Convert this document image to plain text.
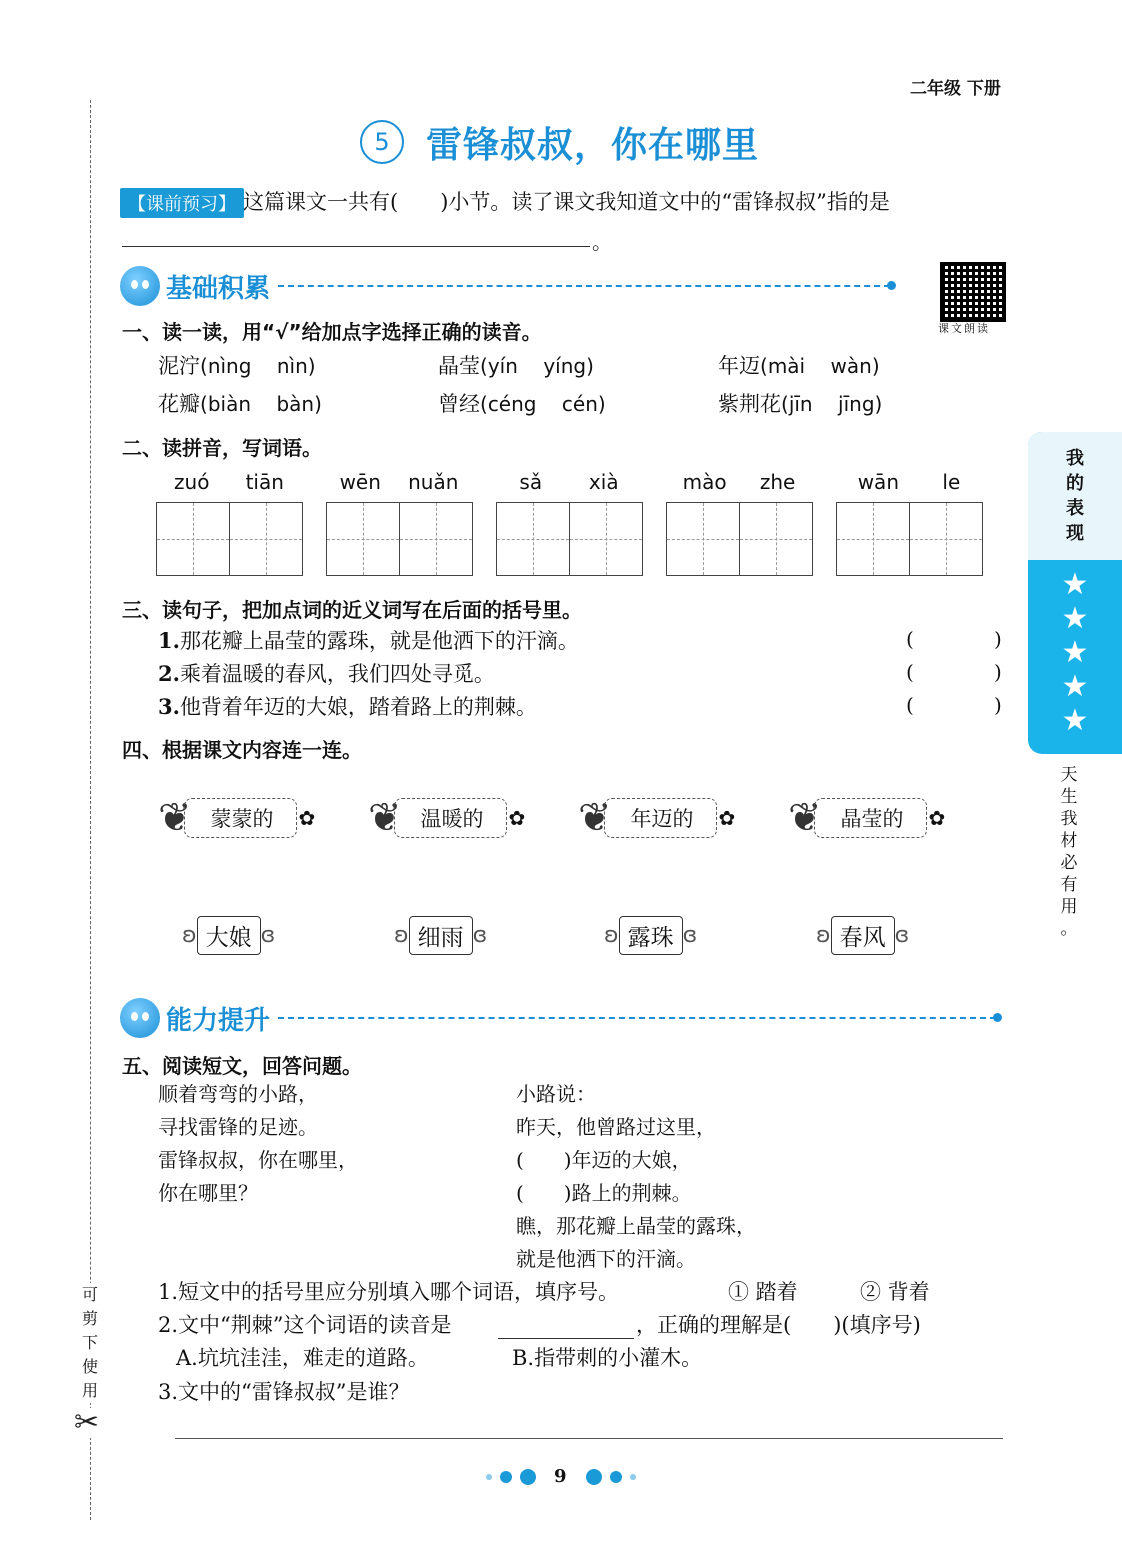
可
剪
下
使
用
✂
二年级 下册
5	雷锋叔叔，你在哪里
【课前预习】 这篇课文一共有(　　)小节。读了课文我知道文中的“雷锋叔叔”指的是
。
基础积累
课文朗读
一、读一读，用“√”给加点字选择正确的读音。
泥泞(nìng nìn)	晶莹(yín yíng)	年迈(mài wàn)
花瓣(biàn bàn)	曾经(céng cén)	紫荆花(jīn jīng)
二、读拼音，写词语。
zuó tiān	wēn nuǎn	sǎ xià	mào zhe	wān le
三、读句子，把加点词的近义词写在后面的括号里。
1.那花瓣上晶莹的露珠，就是他洒下的汗滴。	(	)
2.乘着温暖的春风，我们四处寻觅。	(	)
3.他背着年迈的大娘，踏着路上的荆棘。	(	)
四、根据课文内容连一连。
❦ 蒙蒙的	✿ ❦ 温暖的	✿ ❦ 年迈的	✿ ❦ 晶莹的	✿
ʚ 大娘 ɞ	ʚ 细雨 ɞ	ʚ 露珠 ɞ	ʚ 春风 ɞ
能力提升
五、阅读短文，回答问题。
顺着弯弯的小路，
寻找雷锋的足迹。
雷锋叔叔，你在哪里，
你在哪里？
小路说：
昨天，他曾路过这里，
(　　)年迈的大娘，
(　　)路上的荆棘。
瞧，那花瓣上晶莹的露珠，
就是他洒下的汗滴。
1.短文中的括号里应分别填入哪个词语，填序号。	① 踏着	② 背着
2.文中“荆棘”这个词语的读音是	，正确的理解是(　　)(填序号)
A.坑坑洼洼，难走的道路。	B.指带刺的小灌木。
3.文中的“雷锋叔叔”是谁？
我
的
表
现
★
★
★
★
★
天
生
我
材
必
有
用
。
9
